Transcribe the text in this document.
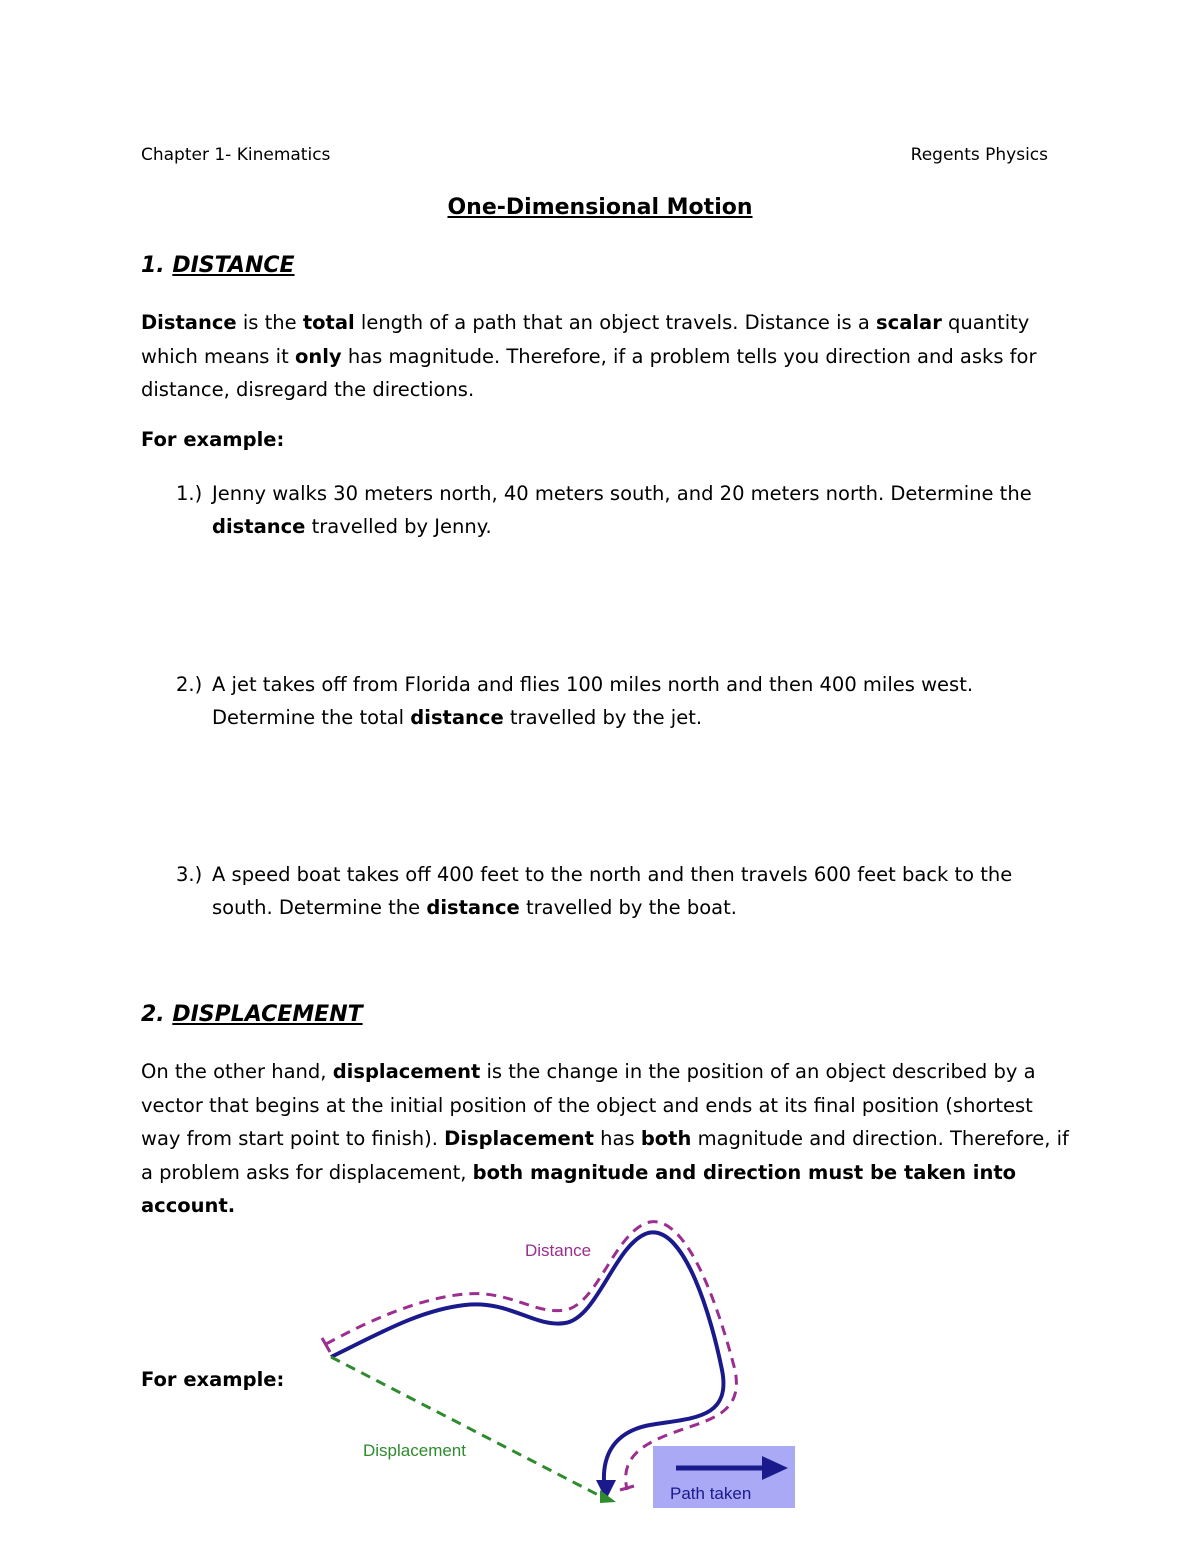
Chapter 1- Kinematics	Regents Physics
One-Dimensional Motion
1. DISTANCE
Distance is the total length of a path that an object travels. Distance is a scalar quantity which means it only has magnitude. Therefore, if a problem tells you direction and asks for distance, disregard the directions.
For example:
1.) Jenny walks 30 meters north, 40 meters south, and 20 meters north. Determine the distance travelled by Jenny.
2.) A jet takes off from Florida and flies 100 miles north and then 400 miles west. Determine the total distance travelled by the jet.
3.) A speed boat takes off 400 feet to the north and then travels 600 feet back to the south. Determine the distance travelled by the boat.
2. DISPLACEMENT
On the other hand, displacement is the change in the position of an object described by a vector that begins at the initial position of the object and ends at its final position (shortest way from start point to finish). Displacement has both magnitude and direction. Therefore, if a problem asks for displacement, both magnitude and direction must be taken into account.
For example:
Distance
Displacement
Path taken
